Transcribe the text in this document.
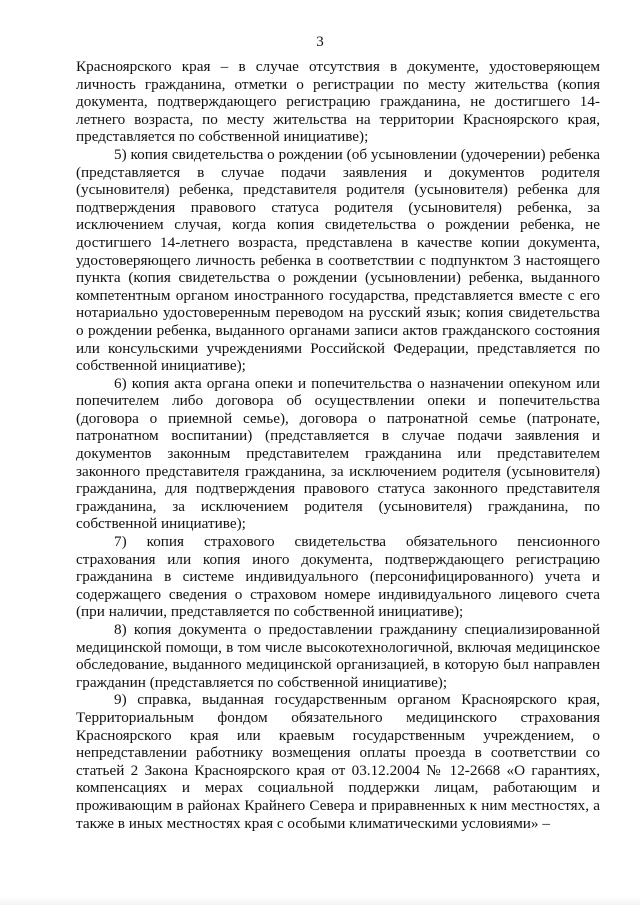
3

Красноярского края – в случае отсутствия в документе, удостоверяющем личность гражданина, отметки о регистрации по месту жительства (копия документа, подтверждающего регистрацию гражданина, не достигшего 14-летнего возраста, по месту жительства на территории Красноярского края, представляется по собственной инициативе);

5) копия свидетельства о рождении (об усыновлении (удочерении) ребенка (представляется в случае подачи заявления и документов родителя (усыновителя) ребенка, представителя родителя (усыновителя) ребенка для подтверждения правового статуса родителя (усыновителя) ребенка, за исключением случая, когда копия свидетельства о рождении ребенка, не достигшего 14-летнего возраста, представлена в качестве копии документа, удостоверяющего личность ребенка в соответствии с подпунктом 3 настоящего пункта (копия свидетельства о рождении (усыновлении) ребенка, выданного компетентным органом иностранного государства, представляется вместе с его нотариально удостоверенным переводом на русский язык; копия свидетельства о рождении ребенка, выданного органами записи актов гражданского состояния или консульскими учреждениями Российской Федерации, представляется по собственной инициативе);

6) копия акта органа опеки и попечительства о назначении опекуном или попечителем либо договора об осуществлении опеки и попечительства (договора о приемной семье), договора о патронатной семье (патронате, патронатном воспитании) (представляется в случае подачи заявления и документов законным представителем гражданина или представителем законного представителя гражданина, за исключением родителя (усыновителя) гражданина, для подтверждения правового статуса законного представителя гражданина, за исключением родителя (усыновителя) гражданина, по собственной инициативе);

7) копия страхового свидетельства обязательного пенсионного страхования или копия иного документа, подтверждающего регистрацию гражданина в системе индивидуального (персонифицированного) учета и содержащего сведения о страховом номере индивидуального лицевого счета (при наличии, представляется по собственной инициативе);

8) копия документа о предоставлении гражданину специализированной медицинской помощи, в том числе высокотехнологичной, включая медицинское обследование, выданного медицинской организацией, в которую был направлен гражданин (представляется по собственной инициативе);

9) справка, выданная государственным органом Красноярского края, Территориальным фондом обязательного медицинского страхования Красноярского края или краевым государственным учреждением, о непредставлении работнику возмещения оплаты проезда в соответствии со статьей 2 Закона Красноярского края от 03.12.2004 № 12-2668 «О гарантиях, компенсациях и мерах социальной поддержки лицам, работающим и проживающим в районах Крайнего Севера и приравненных к ним местностях, а также в иных местностях края с особыми климатическими условиями» –
